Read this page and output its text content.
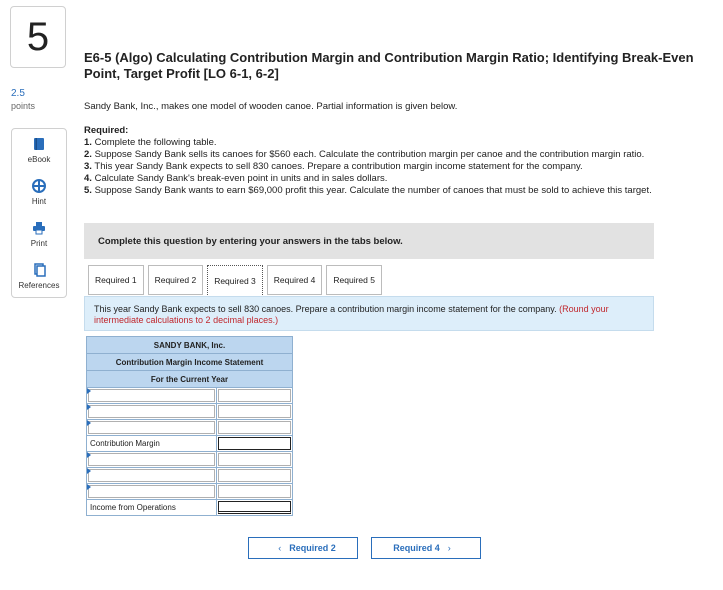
5
2.5
points
eBook
Hint
Print
References
E6-5 (Algo) Calculating Contribution Margin and Contribution Margin Ratio; Identifying Break-Even Point, Target Profit [LO 6-1, 6-2]
Sandy Bank, Inc., makes one model of wooden canoe. Partial information is given below.
Required:
1. Complete the following table.
2. Suppose Sandy Bank sells its canoes for $560 each. Calculate the contribution margin per canoe and the contribution margin ratio.
3. This year Sandy Bank expects to sell 830 canoes. Prepare a contribution margin income statement for the company.
4. Calculate Sandy Bank's break-even point in units and in sales dollars.
5. Suppose Sandy Bank wants to earn $69,000 profit this year. Calculate the number of canoes that must be sold to achieve this target.
Complete this question by entering your answers in the tabs below.
Required 1	Required 2	Required 3	Required 4	Required 5
This year Sandy Bank expects to sell 830 canoes. Prepare a contribution margin income statement for the company. (Round your intermediate calculations to 2 decimal places.)
SANDY BANK, Inc.	
Contribution Margin Income Statement	
For the Current Year	

Contribution Margin	

Income from Operations	

‹ Required 2	Required 4 ›
